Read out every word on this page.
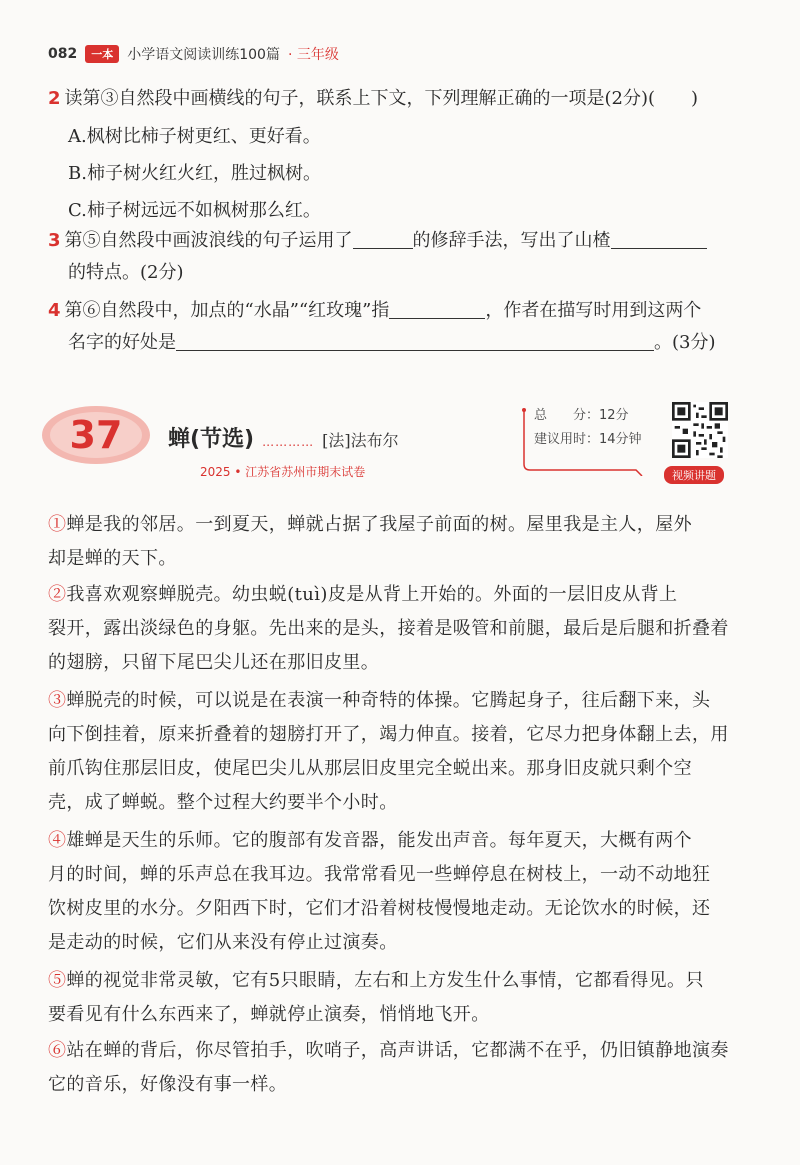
082	一本	小学语文阅读训练100篇 · 三年级
2 读第③自然段中画横线的句子，联系上下文，下列理解正确的一项是(2分)(　　)
A.枫树比柿子树更红、更好看。
B.柿子树火红火红，胜过枫树。
C.柿子树远远不如枫树那么红。
3 第⑤自然段中画波浪线的句子运用了	的修辞手法，写出了山楂
的特点。(2分)
4 第⑥自然段中，加点的“水晶”“红玫瑰”指	，作者在描写时用到这两个
名字的好处是	。(3分)
37 蝉(节选) ………… [法]法布尔
2025 • 江苏省苏州市期末试卷
总　　分：12分
建议用时：14分钟
视频讲题
①蝉是我的邻居。一到夏天，蝉就占据了我屋子前面的树。屋里我是主人，屋外
却是蝉的天下。
②我喜欢观察蝉脱壳。幼虫蜕(tuì)皮是从背上开始的。外面的一层旧皮从背上
裂开，露出淡绿色的身躯。先出来的是头，接着是吸管和前腿，最后是后腿和折叠着
的翅膀，只留下尾巴尖儿还在那旧皮里。
③蝉脱壳的时候，可以说是在表演一种奇特的体操。它腾起身子，往后翻下来，头
向下倒挂着，原来折叠着的翅膀打开了，竭力伸直。接着，它尽力把身体翻上去，用
前爪钩住那层旧皮，使尾巴尖儿从那层旧皮里完全蜕出来。那身旧皮就只剩个空
壳，成了蝉蜕。整个过程大约要半个小时。
④雄蝉是天生的乐师。它的腹部有发音器，能发出声音。每年夏天，大概有两个
月的时间，蝉的乐声总在我耳边。我常常看见一些蝉停息在树枝上，一动不动地狂
饮树皮里的水分。夕阳西下时，它们才沿着树枝慢慢地走动。无论饮水的时候，还
是走动的时候，它们从来没有停止过演奏。
⑤蝉的视觉非常灵敏，它有5只眼睛，左右和上方发生什么事情，它都看得见。只
要看见有什么东西来了，蝉就停止演奏，悄悄地飞开。
⑥站在蝉的背后，你尽管拍手，吹哨子，高声讲话，它都满不在乎，仍旧镇静地演奏
它的音乐，好像没有事一样。
